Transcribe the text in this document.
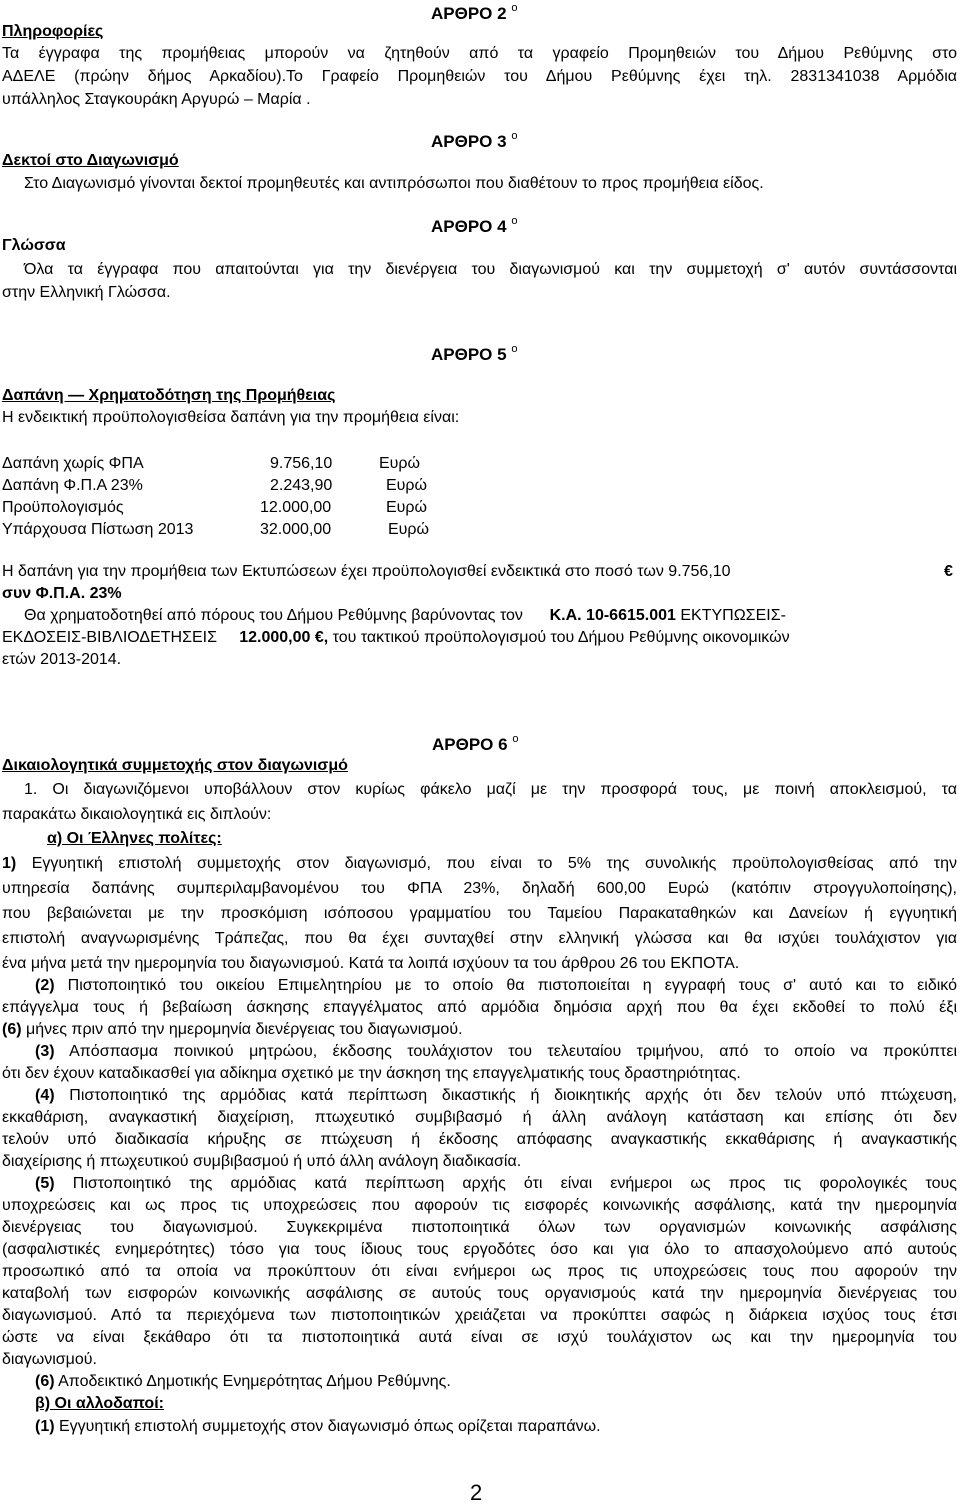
ΑΡΘΡΟ 2 $^o$
Πληροφορίες
Τα έγγραφα της προμήθειας μπορούν να ζητηθούν από τα γραφείο Προμηθειών του Δήμου Ρεθύμνης στο
ΑΔΕΛΕ (πρώην δήμος Αρκαδίου).Το Γραφείο Προμηθειών του Δήμου Ρεθύμνης έχει τηλ. 2831341038 Αρμόδια
υπάλληλος Σταγκουράκη Αργυρώ – Μαρία .
ΑΡΘΡΟ 3 $^o$
Δεκτοί στο Διαγωνισμό
Στο Διαγωνισμό γίνονται δεκτοί προμηθευτές και αντιπρόσωποι που διαθέτουν το προς προμήθεια είδος.
ΑΡΘΡΟ 4 $^o$
Γλώσσα
Όλα τα έγγραφα που απαιτούνται για την διενέργεια του διαγωνισμού και την συμμετοχή σ' αυτόν συντάσσονται
στην Ελληνική Γλώσσα.
ΑΡΘΡΟ 5 $^o$
Δαπάνη — Χρηματοδότηση της Προμήθειας
Η ενδεικτική προϋπολογισθείσα δαπάνη για την προμήθεια είναι:
Δαπάνη χωρίς ΦΠΑ	9.756,10	Ευρώ
Δαπάνη Φ.Π.Α 23%	2.243,90	Ευρώ
Προϋπολογισμός	12.000,00	Ευρώ
Υπάρχουσα Πίστωση 2013	32.000,00	Ευρώ
Η δαπάνη για την προμήθεια των Εκτυπώσεων έχει προϋπολογισθεί ενδεικτικά στο ποσό των 9.756,10	€
συν Φ.Π.Α. 23%
Θα χρηματοδοτηθεί από πόρους του Δήμου Ρεθύμνης βαρύνοντας τον Κ.Α. 10-6615.001 ΕΚΤΥΠΩΣΕΙΣ-
ΕΚΔΟΣΕΙΣ-ΒΙΒΛΙΟΔΕΤΗΣΕΙΣ 12.000,00 €, του τακτικού προϋπολογισμού του Δήμου Ρεθύμνης οικονομικών
ετών 2013-2014.
ΑΡΘΡΟ 6 $^o$
Δικαιολογητικά συμμετοχής στον διαγωνισμό
1. Οι διαγωνιζόμενοι υποβάλλουν στον κυρίως φάκελο μαζί με την προσφορά τους, με ποινή αποκλεισμού, τα
παρακάτω δικαιολογητικά εις διπλούν:
α) Οι Έλληνες πολίτες:
1) Εγγυητική επιστολή συμμετοχής στον διαγωνισμό, που είναι το 5% της συνολικής προϋπολογισθείσας από την
υπηρεσία δαπάνης συμπεριλαμβανομένου του ΦΠΑ 23%, δηλαδή 600,00 Ευρώ (κατόπιν στρογγυλοποίησης),
που βεβαιώνεται με την προσκόμιση ισόποσου γραμματίου του Ταμείου Παρακαταθηκών και Δανείων ή εγγυητική
επιστολή αναγνωρισμένης Τράπεζας, που θα έχει συνταχθεί στην ελληνική γλώσσα και θα ισχύει τουλάχιστον για
ένα μήνα μετά την ημερομηνία του διαγωνισμού. Κατά τα λοιπά ισχύουν τα του άρθρου 26 του ΕΚΠΟΤΑ.
(2) Πιστοποιητικό του οικείου Επιμελητηρίου με το οποίο θα πιστοποιείται η εγγραφή τους σ' αυτό και το ειδικό
επάγγελμα τους ή βεβαίωση άσκησης επαγγέλματος από αρμόδια δημόσια αρχή που θα έχει εκδοθεί το πολύ έξι
(6) μήνες πριν από την ημερομηνία διενέργειας του διαγωνισμού.
(3) Απόσπασμα ποινικού μητρώου, έκδοσης τουλάχιστον του τελευταίου τριμήνου, από το οποίο να προκύπτει
ότι δεν έχουν καταδικασθεί για αδίκημα σχετικό με την άσκηση της επαγγελματικής τους δραστηριότητας.
(4) Πιστοποιητικό της αρμόδιας κατά περίπτωση δικαστικής ή διοικητικής αρχής ότι δεν τελούν υπό πτώχευση,
εκκαθάριση, αναγκαστική διαχείριση, πτωχευτικό συμβιβασμό ή άλλη ανάλογη κατάσταση και επίσης ότι δεν
τελούν υπό διαδικασία κήρυξης σε πτώχευση ή έκδοσης απόφασης αναγκαστικής εκκαθάρισης ή αναγκαστικής
διαχείρισης ή πτωχευτικού συμβιβασμού ή υπό άλλη ανάλογη διαδικασία.
(5) Πιστοποιητικό της αρμόδιας κατά περίπτωση αρχής ότι είναι ενήμεροι ως προς τις φορολογικές τους
υποχρεώσεις και ως προς τις υποχρεώσεις που αφορούν τις εισφορές κοινωνικής ασφάλισης, κατά την ημερομηνία
διενέργειας του διαγωνισμού. Συγκεκριμένα πιστοποιητικά όλων των οργανισμών κοινωνικής ασφάλισης
(ασφαλιστικές ενημερότητες) τόσο για τους ίδιους τους εργοδότες όσο και για όλο το απασχολούμενο από αυτούς
προσωπικό από τα οποία να προκύπτουν ότι είναι ενήμεροι ως προς τις υποχρεώσεις τους που αφορούν την
καταβολή των εισφορών κοινωνικής ασφάλισης σε αυτούς τους οργανισμούς κατά την ημερομηνία διενέργειας του
διαγωνισμού. Από τα περιεχόμενα των πιστοποιητικών χρειάζεται να προκύπτει σαφώς η διάρκεια ισχύος τους έτσι
ώστε να είναι ξεκάθαρο ότι τα πιστοποιητικά αυτά είναι σε ισχύ τουλάχιστον ως και την ημερομηνία του
διαγωνισμού.
(6) Αποδεικτικό Δημοτικής Ενημερότητας Δήμου Ρεθύμνης.
β) Οι αλλοδαποί:
(1) Εγγυητική επιστολή συμμετοχής στον διαγωνισμό όπως ορίζεται παραπάνω.
2
